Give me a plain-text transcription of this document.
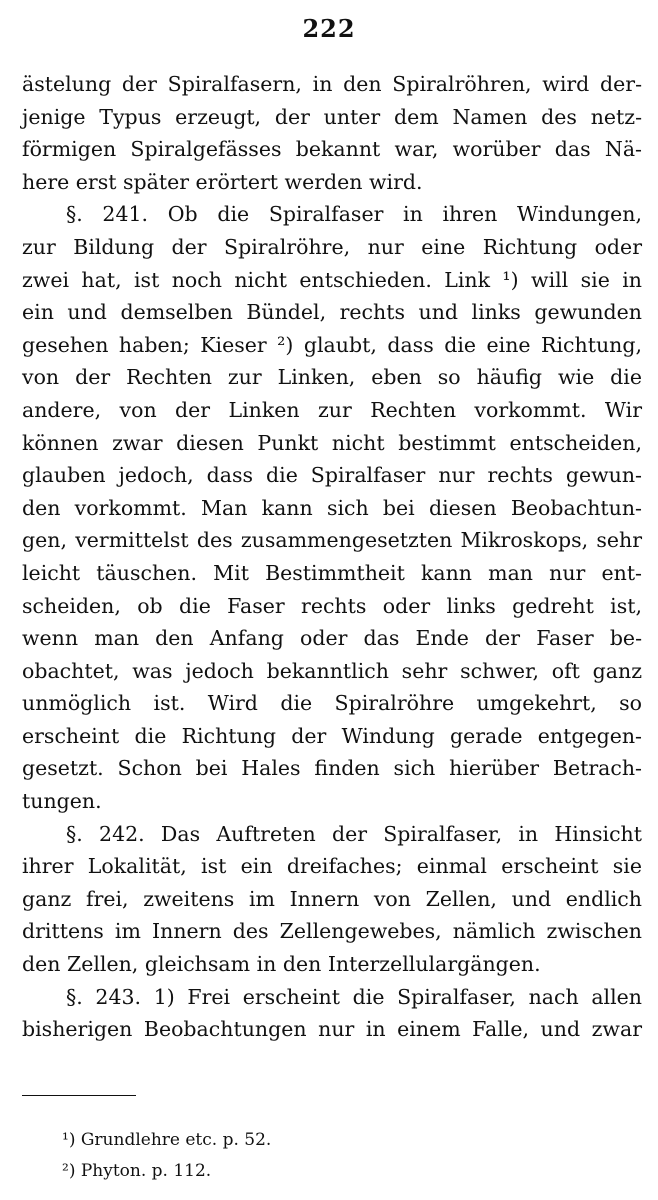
222
ästelung der Spiralfasern, in den Spiralröhren, wird der-
jenige Typus erzeugt, der unter dem Namen des netz-
förmigen Spiralgefässes bekannt war, worüber das Nä-
here erst später erörtert werden wird.
§. 241. Ob die Spiralfaser in ihren Windungen,
zur Bildung der Spiralröhre, nur eine Richtung oder
zwei hat, ist noch nicht entschieden. Link ¹) will sie in
ein und demselben Bündel, rechts und links gewunden
gesehen haben; Kieser ²) glaubt, dass die eine Richtung,
von der Rechten zur Linken, eben so häufig wie die
andere, von der Linken zur Rechten vorkommt. Wir
können zwar diesen Punkt nicht bestimmt entscheiden,
glauben jedoch, dass die Spiralfaser nur rechts gewun-
den vorkommt. Man kann sich bei diesen Beobachtun-
gen, vermittelst des zusammengesetzten Mikroskops, sehr
leicht täuschen. Mit Bestimmtheit kann man nur ent-
scheiden, ob die Faser rechts oder links gedreht ist,
wenn man den Anfang oder das Ende der Faser be-
obachtet, was jedoch bekanntlich sehr schwer, oft ganz
unmöglich ist. Wird die Spiralröhre umgekehrt, so
erscheint die Richtung der Windung gerade entgegen-
gesetzt. Schon bei Hales finden sich hierüber Betrach-
tungen.
§. 242. Das Auftreten der Spiralfaser, in Hinsicht
ihrer Lokalität, ist ein dreifaches; einmal erscheint sie
ganz frei, zweitens im Innern von Zellen, und endlich
drittens im Innern des Zellengewebes, nämlich zwischen
den Zellen, gleichsam in den Interzellulargängen.
§. 243. 1) Frei erscheint die Spiralfaser, nach allen
bisherigen Beobachtungen nur in einem Falle, und zwar
¹) Grundlehre etc. p. 52.
²) Phyton. p. 112.
